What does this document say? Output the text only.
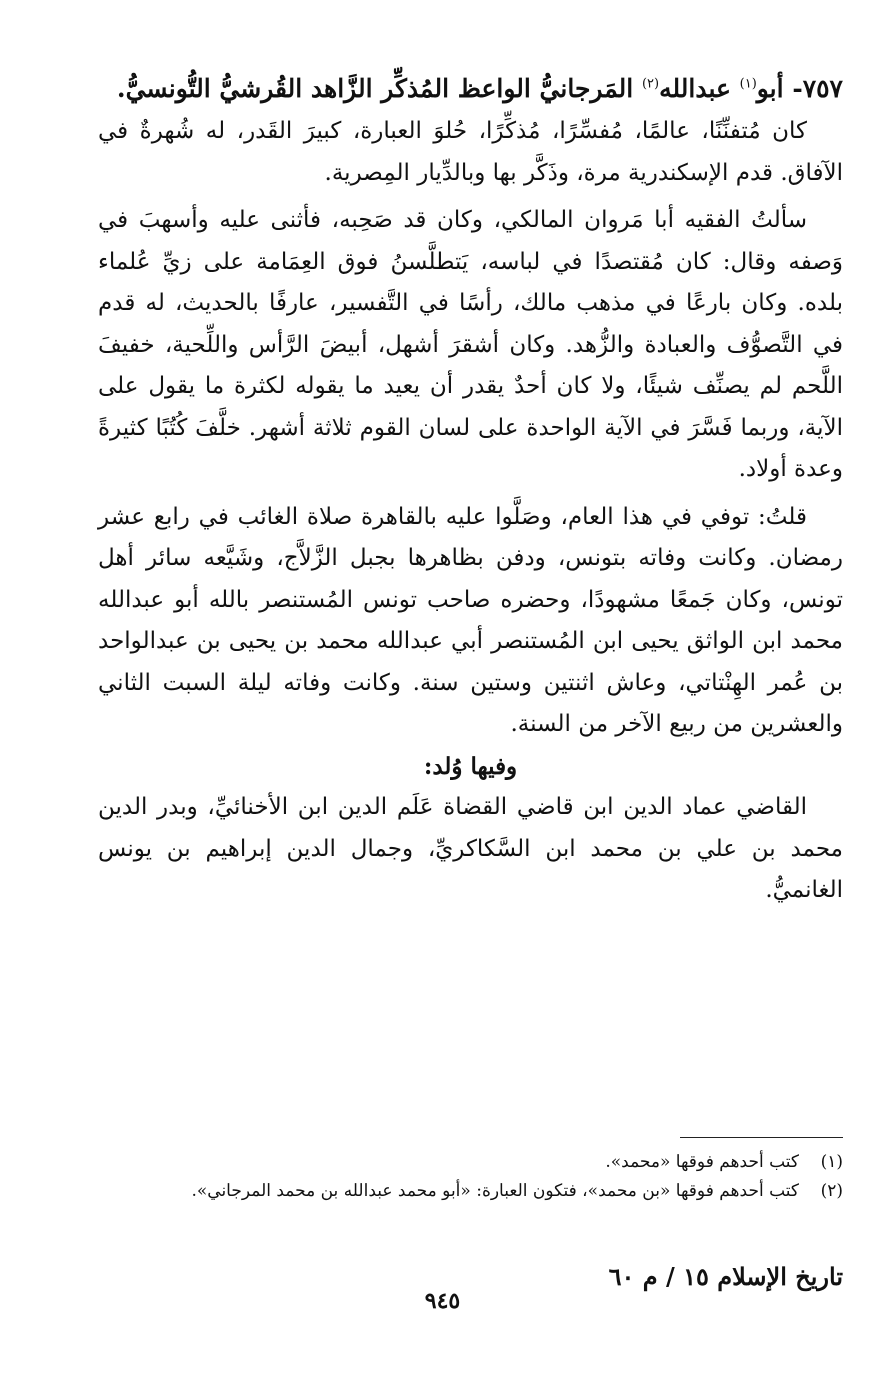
٧٥٧- أبو$^{(١)}$ عبدالله$^{(٢)}$ المَرجانيُّ الواعظ المُذكِّر الزَّاهد القُرشيُّ التُّونسيُّ.

كان مُتفنِّنًا، عالمًا، مُفسِّرًا، مُذكِّرًا، حُلوَ العبارة، كبيرَ القَدر، له شُهرةٌ في الآفاق. قدم الإسكندرية مرة، وذَكَّر بها وبالدِّيار المِصرية.

سألتُ الفقيه أبا مَروان المالكي، وكان قد صَحِبه، فأثنى عليه وأسهبَ في وَصفه وقال: كان مُقتصدًا في لباسه، يَتطلَّسنُ فوق العِمَامة على زيِّ عُلماء بلده. وكان بارعًا في مذهب مالك، رأسًا في التَّفسير، عارفًا بالحديث، له قدم في التَّصوُّف والعبادة والزُّهد. وكان أشقرَ أشهل، أبيضَ الرَّأس واللِّحية، خفيفَ اللَّحم لم يصنِّف شيئًا، ولا كان أحدٌ يقدر أن يعيد ما يقوله لكثرة ما يقول على الآية، وربما فَسَّرَ في الآية الواحدة على لسان القوم ثلاثة أشهر. خلَّفَ كُتُبًا كثيرةً وعدة أولاد.

قلتُ: توفي في هذا العام، وصَلَّوا عليه بالقاهرة صلاة الغائب في رابع عشر رمضان. وكانت وفاته بتونس، ودفن بظاهرها بجبل الزَّلاَّج، وشَيَّعه سائر أهل تونس، وكان جَمعًا مشهودًا، وحضره صاحب تونس المُستنصر بالله أبو عبدالله محمد ابن الواثق يحيى ابن المُستنصر أبي عبدالله محمد بن يحيى بن عبدالواحد بن عُمر الهِنْتاتي، وعاش اثنتين وستين سنة. وكانت وفاته ليلة السبت الثاني والعشرين من ربيع الآخر من السنة.

وفيها وُلد:

القاضي عماد الدين ابن قاضي القضاة عَلَم الدين ابن الأخنائيِّ، وبدر الدين محمد بن علي بن محمد ابن السَّكاكريِّ، وجمال الدين إبراهيم بن يونس الغانميُّ.

(١)
كتب أحدهم فوقها «محمد».
(٢)
كتب أحدهم فوقها «بن محمد»، فتكون العبارة: «أبو محمد عبدالله بن محمد المرجاني».
تاريخ الإسلام ١٥ / م ٦٠
٩٤٥
